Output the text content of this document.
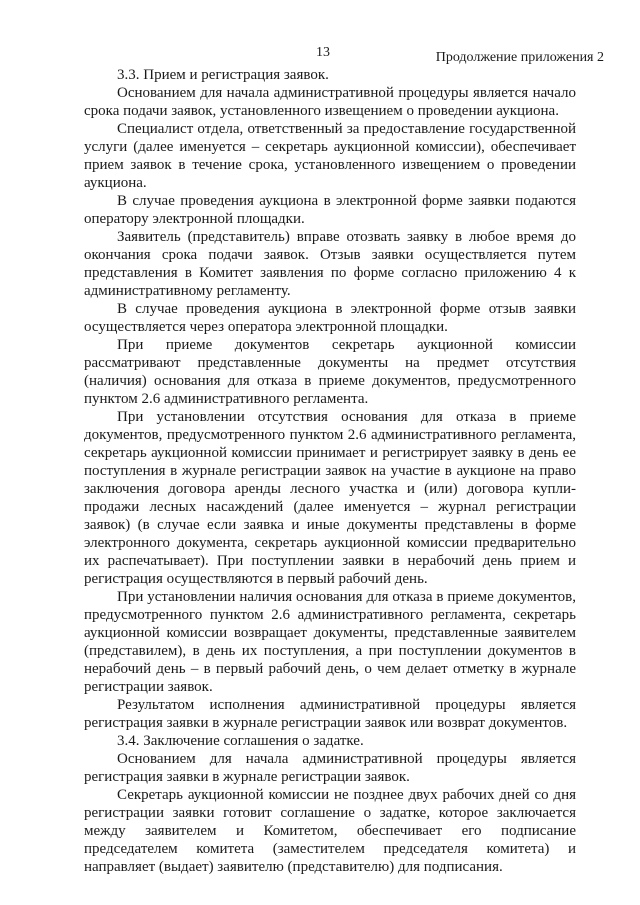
13	Продолжение приложения 2

3.3. Прием и регистрация заявок.

Основанием для начала административной процедуры является начало срока подачи заявок, установленного извещением о проведении аукциона.

Специалист отдела, ответственный за предоставление государственной услуги (далее именуется – секретарь аукционной комиссии), обеспечивает прием заявок в течение срока, установленного извещением о проведении аукциона.

В случае проведения аукциона в электронной форме заявки подаются оператору электронной площадки.

Заявитель (представитель) вправе отозвать заявку в любое время до окончания срока подачи заявок. Отзыв заявки осуществляется путем представления в Комитет заявления по форме согласно приложению 4 к административному регламенту.

В случае проведения аукциона в электронной форме отзыв заявки осуществляется через оператора электронной площадки.

При приеме документов секретарь аукционной комиссии рассматривают представленные документы на предмет отсутствия (наличия) основания для отказа в приеме документов, предусмотренного пунктом 2.6 административного регламента.

При установлении отсутствия основания для отказа в приеме документов, предусмотренного пунктом 2.6 административного регламента, секретарь аукционной комиссии принимает и регистрирует заявку в день ее поступления в журнале регистрации заявок на участие в аукционе на право заключения договора аренды лесного участка и (или) договора купли-продажи лесных насаждений (далее именуется – журнал регистрации заявок) (в случае если заявка и иные документы представлены в форме электронного документа, секретарь аукционной комиссии предварительно их распечатывает). При поступлении заявки в нерабочий день прием и регистрация осуществляются в первый рабочий день.

При установлении наличия основания для отказа в приеме документов, предусмотренного пунктом 2.6 административного регламента, секретарь аукционной комиссии возвращает документы, представленные заявителем (представилем), в день их поступления, а при поступлении документов в нерабочий день – в первый рабочий день, о чем делает отметку в журнале регистрации заявок.

Результатом исполнения административной процедуры является регистрация заявки в журнале регистрации заявок или возврат документов.

3.4. Заключение соглашения о задатке.

Основанием для начала административной процедуры является регистрация заявки в журнале регистрации заявок.

Секретарь аукционной комиссии не позднее двух рабочих дней со дня регистрации заявки готовит соглашение о задатке, которое заключается между заявителем и Комитетом, обеспечивает его подписание председателем комитета (заместителем председателя комитета) и направляет (выдает) заявителю (представителю) для подписания.
